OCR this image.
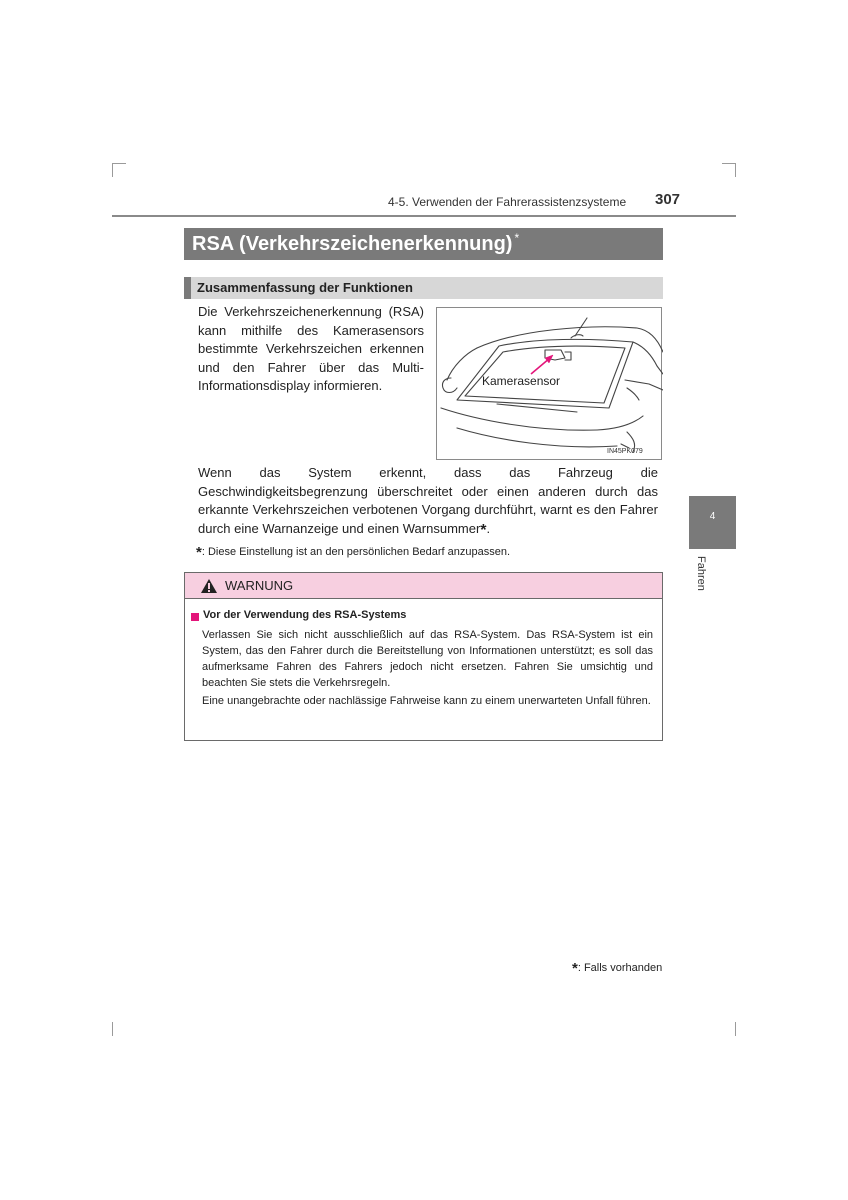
4-5. Verwenden der Fahrerassistenzsysteme 307
RSA (Verkehrszeichenerkennung) *
Zusammenfassung der Funktionen

Die Verkehrszeichenerkennung (RSA) kann mithilfe des Kamerasensors bestimmte Verkehrszeichen erkennen und den Fahrer über das Multi-Informationsdisplay informieren.	Kamerasensor
IN45PK079

Wenn das System erkennt, dass das Fahrzeug die Geschwindigkeitsbegrenzung überschreitet oder einen anderen durch das erkannte Verkehrszeichen verbotenen Vorgang durchführt, warnt es den Fahrer durch eine Warnanzeige und einen Warnsummer*.

*: Diese Einstellung ist an den persönlichen Bedarf anzupassen.

WARNUNG
Vor der Verwendung des RSA-Systems

Verlassen Sie sich nicht ausschließlich auf das RSA-System. Das RSA-System ist ein System, das den Fahrer durch die Bereitstellung von Informationen unterstützt; es soll das aufmerksame Fahren des Fahrers jedoch nicht ersetzen. Fahren Sie umsichtig und beachten Sie stets die Verkehrsregeln.

Eine unangebrachte oder nachlässige Fahrweise kann zu einem unerwarteten Unfall führen.

4
Fahren
*: Falls vorhanden
